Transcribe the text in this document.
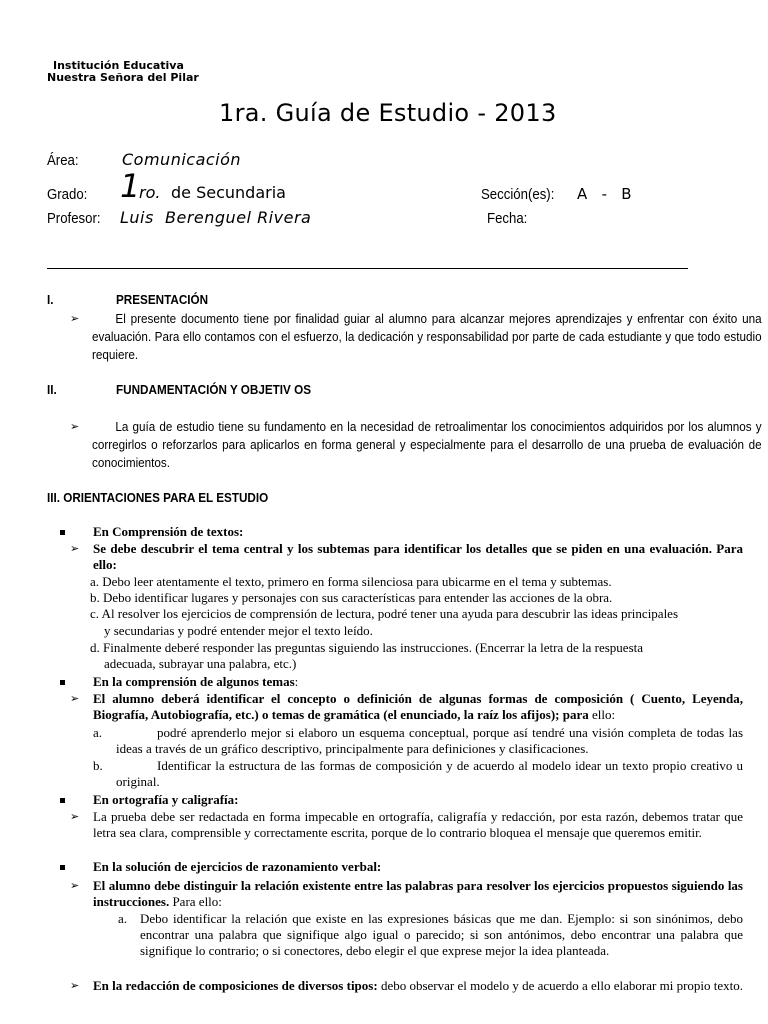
Institución Educativa
Nuestra Señora del Pilar
1ra. Guía de Estudio - 2013
Área:	Comunicación
Grado: 1
ro. de Secundaria	Sección(es): A   -   B
Profesor: Luis  Berenguel Rivera	Fecha:
I.	PRESENTACIÓN
➢	El presente documento tiene por finalidad guiar al alumno para alcanzar mejores aprendizajes y enfrentar con éxito una evaluación. Para ello contamos con el esfuerzo, la dedicación y responsabilidad por parte de cada estudiante y que todo estudio requiere.
II.	FUNDAMENTACIÓN Y OBJETIV OS
➢	La guía de estudio tiene su fundamento en la necesidad de retroalimentar los conocimientos adquiridos por los alumnos y corregirlos o reforzarlos para aplicarlos en forma general y especialmente para el desarrollo de una prueba de evaluación de conocimientos.
III. ORIENTACIONES PARA EL ESTUDIO
En Comprensión de textos:
➢ Se debe descubrir el tema central y los subtemas para identificar los detalles que se piden en una evaluación. Para ello:
a. Debo leer atentamente el texto, primero en forma silenciosa para ubicarme en el tema y subtemas.
b. Debo identificar lugares y personajes con sus características para entender las acciones de la obra.
c. Al resolver los ejercicios de comprensión de lectura, podré tener una ayuda para descubrir las ideas principales
y secundarias y podré entender mejor el texto leído.
d. Finalmente deberé responder las preguntas siguiendo las instrucciones. (Encerrar la letra de la respuesta
adecuada, subrayar una palabra, etc.)
En la comprensión de algunos temas:
➢ El alumno deberá identificar el concepto o definición de algunas formas de composición ( Cuento, Leyenda, Biografía, Autobiografía, etc.) o temas de gramática (el enunciado, la raíz los afijos); para ello:
a.	podré aprenderlo mejor si elaboro un esquema conceptual, porque así tendré una visión completa de todas las ideas a través de un gráfico descriptivo, principalmente para definiciones y clasificaciones.
b.	Identificar la estructura de las formas de composición y de acuerdo al modelo idear un texto propio creativo u original.
En ortografía y caligrafía:
➢ La prueba debe ser redactada en forma impecable en ortografía, caligrafía y redacción, por esta razón, debemos tratar que letra sea clara, comprensible y correctamente escrita, porque de lo contrario bloquea el mensaje que queremos emitir.
En la solución de ejercicios de razonamiento verbal:
➢ El alumno debe distinguir la relación existente entre las palabras para resolver los ejercicios propuestos siguiendo las instrucciones. Para ello:
a. Debo identificar la relación que existe en las expresiones básicas que me dan. Ejemplo: si son sinónimos, debo encontrar una palabra que signifique algo igual o parecido; si son antónimos, debo encontrar una palabra que signifique lo contrario; o si conectores, debo elegir el que exprese mejor la idea planteada.
➢ En la redacción de composiciones de diversos tipos: debo observar el modelo y de acuerdo a ello elaborar mi propio texto.
